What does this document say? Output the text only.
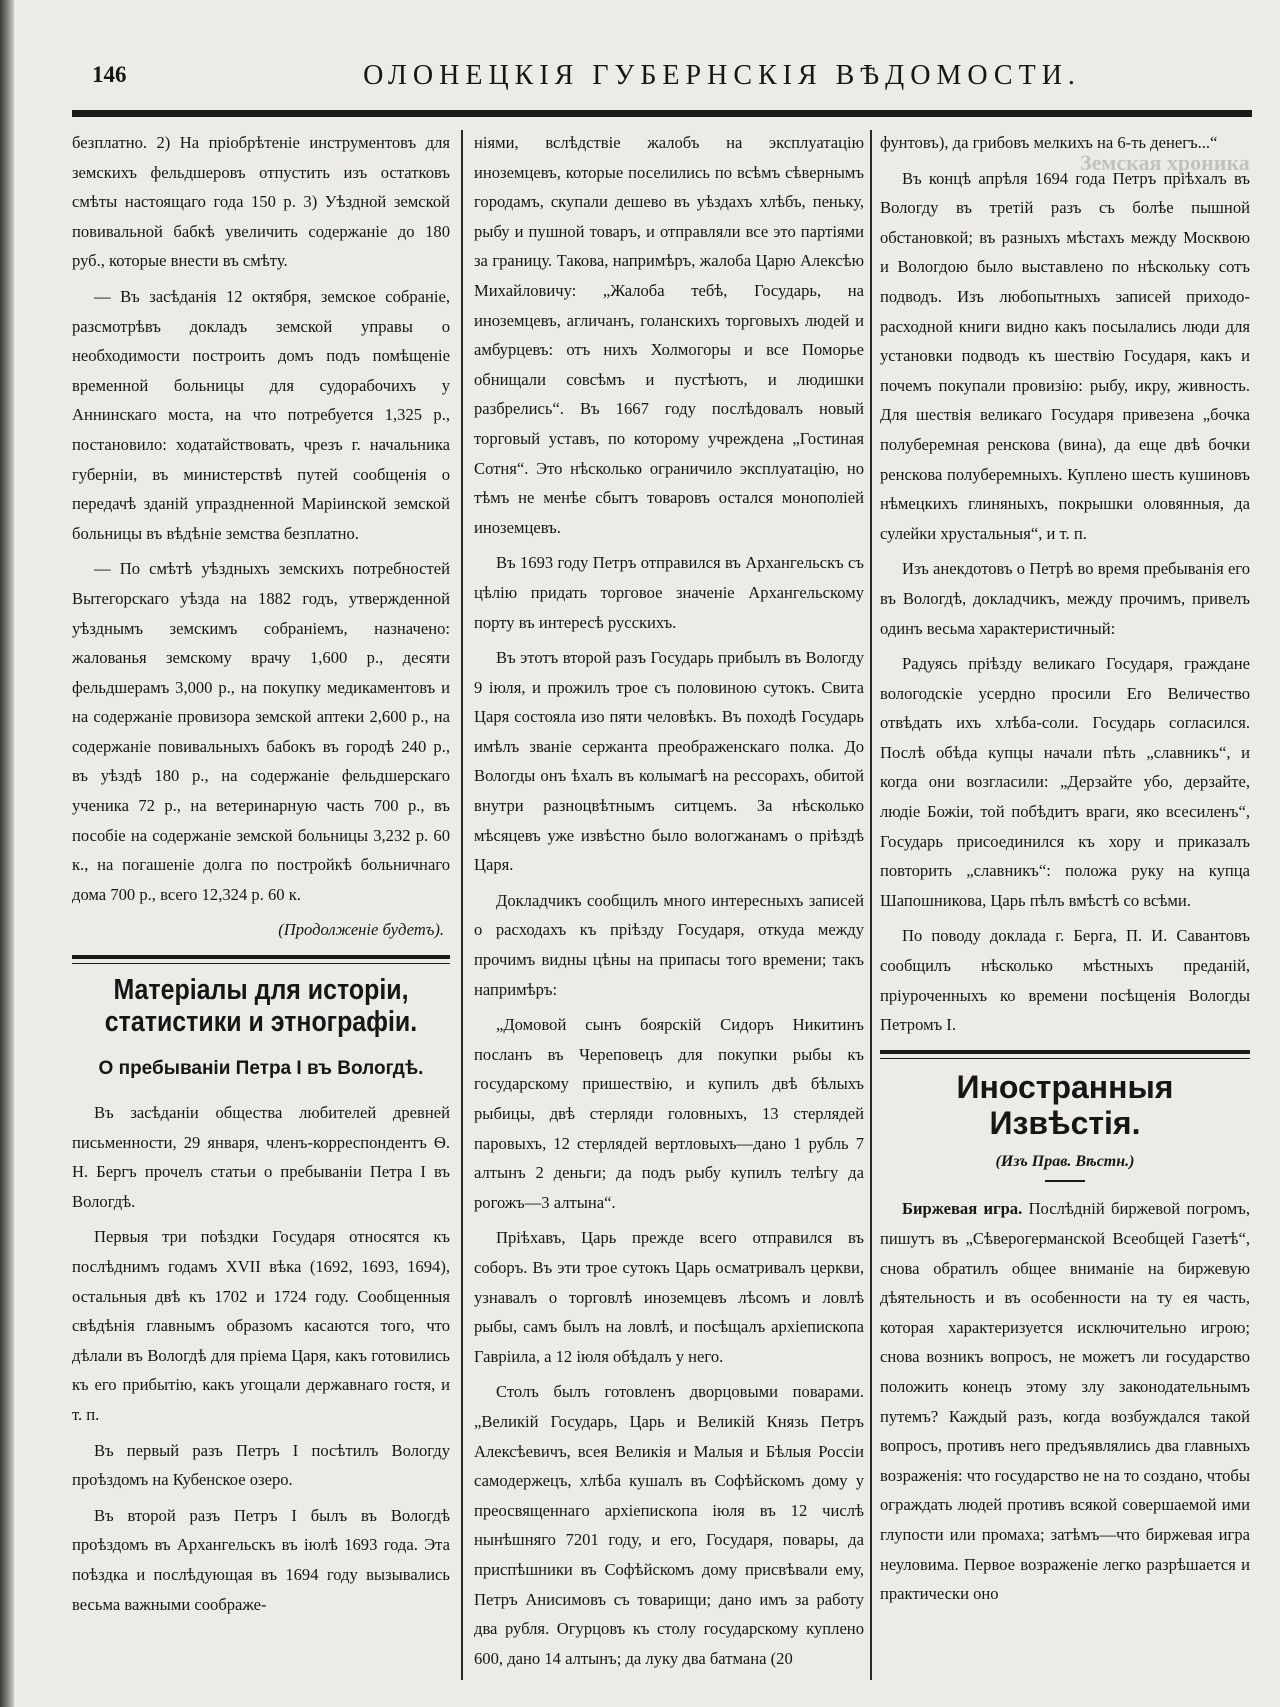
146	ОЛОНЕЦКІЯ ГУБЕРНСКІЯ ВѢДОМОСТИ.
Земская хроника

безплатно. 2) На пріобрѣтеніе инструментовъ для земскихъ фельдшеровъ отпустить изъ остатковъ смѣты настоящаго года 150 р. 3) Уѣздной земской повивальной бабкѣ увеличить содержаніе до 180 руб., которые внести въ смѣту.

— Въ засѣданія 12 октября, земское собраніе, разсмотрѣвъ докладъ земской управы о необходимости построить домъ подъ помѣщеніе временной больницы для судорабочихъ у Аннинскаго моста, на что потребуется 1,325 р., постановило: ходатайствовать, чрезъ г. начальника губерніи, въ министерствѣ путей сообщенія о передачѣ зданій упраздненной Маріинской земской больницы въ вѣдѣніе земства безплатно.

— По смѣтѣ уѣздныхъ земскихъ потребностей Вытегорскаго уѣзда на 1882 годъ, утвержденной уѣзднымъ земскимъ собраніемъ, назначено: жалованья земскому врачу 1,600 р., десяти фельдшерамъ 3,000 р., на покупку медикаментовъ и на содержаніе провизора земской аптеки 2,600 р., на содержаніе повивальныхъ бабокъ въ городѣ 240 р., въ уѣздѣ 180 р., на содержаніе фельдшерскаго ученика 72 р., на ветеринарную часть 700 р., въ пособіе на содержаніе земской больницы 3,232 р. 60 к., на погашеніе долга по постройкѣ больничнаго дома 700 р., всего 12,324 р. 60 к.

(Продолженіе будетъ).
Матеріалы для исторіи, статистики и этнографіи.
О пребываніи Петра I въ Вологдѣ.

Въ засѣданіи общества любителей древней письменности, 29 января, членъ-корреспондентъ Ѳ. Н. Бергъ прочелъ статьи о пребываніи Петра I въ Вологдѣ.

Первыя три поѣздки Государя относятся къ послѣднимъ годамъ XVII вѣка (1692, 1693, 1694), остальныя двѣ къ 1702 и 1724 году. Сообщенныя свѣдѣнія главнымъ образомъ касаются того, что дѣлали въ Вологдѣ для пріема Царя, какъ готовились къ его прибытію, какъ угощали державнаго гостя, и т. п.

Въ первый разъ Петръ I посѣтилъ Вологду проѣздомъ на Кубенское озеро.

Въ второй разъ Петръ I былъ въ Вологдѣ проѣздомъ въ Архангельскъ въ іюлѣ 1693 года. Эта поѣздка и послѣдующая въ 1694 году вызывались весьма важными соображе-

ніями, вслѣдствіе жалобъ на эксплуатацію иноземцевъ, которые поселились по всѣмъ сѣвернымъ городамъ, скупали дешево въ уѣздахъ хлѣбъ, пеньку, рыбу и пушной товаръ, и отправляли все это партіями за границу. Такова, напримѣръ, жалоба Царю Алексѣю Михайловичу: „Жалоба тебѣ, Государь, на иноземцевъ, агличанъ, голанскихъ торговыхъ людей и амбурцевъ: отъ нихъ Холмогоры и все Поморье обнищали совсѣмъ и пустѣютъ, и людишки разбрелись“. Въ 1667 году послѣдовалъ новый торговый уставъ, по которому учреждена „Гостиная Сотня“. Это нѣсколько ограничило эксплуатацію, но тѣмъ не менѣе сбытъ товаровъ остался монополіей иноземцевъ.

Въ 1693 году Петръ отправился въ Архангельскъ съ цѣлію придать торговое значеніе Архангельскому порту въ интересѣ русскихъ.

Въ этотъ второй разъ Государь прибылъ въ Вологду 9 іюля, и прожилъ трое съ половиною сутокъ. Свита Царя состояла изо пяти человѣкъ. Въ походѣ Государь имѣлъ званіе сержанта преображенскаго полка. До Вологды онъ ѣхалъ въ колымагѣ на рессорахъ, обитой внутри разноцвѣтнымъ ситцемъ. За нѣсколько мѣсяцевъ уже извѣстно было вологжанамъ о пріѣздѣ Царя.

Докладчикъ сообщилъ много интересныхъ записей о расходахъ къ пріѣзду Государя, откуда между прочимъ видны цѣны на припасы того времени; такъ напримѣръ:

„Домовой сынъ боярскій Сидоръ Никитинъ посланъ въ Череповецъ для покупки рыбы къ государскому пришествію, и купилъ двѣ бѣлыхъ рыбицы, двѣ стерляди головныхъ, 13 стерлядей паровыхъ, 12 стерлядей вертловыхъ—дано 1 рубль 7 алтынъ 2 деньги; да подъ рыбу купилъ телѣгу да рогожъ—3 алтына“.

Пріѣхавъ, Царь прежде всего отправился въ соборъ. Въ эти трое сутокъ Царь осматривалъ церкви, узнавалъ о торговлѣ иноземцевъ лѣсомъ и ловлѣ рыбы, самъ былъ на ловлѣ, и посѣщалъ архіепископа Гавріила, а 12 іюля обѣдалъ у него.

Столъ былъ готовленъ дворцовыми поварами. „Великій Государь, Царь и Великій Князь Петръ Алексѣевичъ, всея Великія и Малыя и Бѣлыя Россіи самодержецъ, хлѣба кушалъ въ Софѣйскомъ дому у преосвященнаго архіепископа іюля въ 12 числѣ нынѣшняго 7201 году, и его, Государя, повары, да приспѣшники въ Софѣйскомъ дому присвѣвали ему, Петръ Анисимовъ съ товарищи; дано имъ за работу два рубля. Огурцовъ къ столу государскому куплено 600, дано 14 алтынъ; да луку два батмана (20

фунтовъ), да грибовъ мелкихъ на 6-ть денегъ...“

Въ концѣ апрѣля 1694 года Петръ пріѣхалъ въ Вологду въ третій разъ съ болѣе пышной обстановкой; въ разныхъ мѣстахъ между Москвою и Вологдою было выставлено по нѣскольку сотъ подводъ. Изъ любопытныхъ записей приходо-расходной книги видно какъ посылались люди для установки подводъ къ шествію Государя, какъ и почемъ покупали провизію: рыбу, икру, живность. Для шествія великаго Государя привезена „бочка полуберемная ренскова (вина), да еще двѣ бочки ренскова полуберемныхъ. Куплено шесть кушиновъ нѣмецкихъ глиняныхъ, покрышки оловянныя, да сулейки хрустальныя“, и т. п.

Изъ анекдотовъ о Петрѣ во время пребыванія его въ Вологдѣ, докладчикъ, между прочимъ, привелъ одинъ весьма характеристичный:

Радуясь пріѣзду великаго Государя, граждане вологодскіе усердно просили Его Величество отвѣдать ихъ хлѣба-соли. Государь согласился. Послѣ обѣда купцы начали пѣть „славникъ“, и когда они возгласили: „Дерзайте убо, дерзайте, людіе Божіи, той побѣдитъ враги, яко всесиленъ“, Государь присоединился къ хору и приказалъ повторить „славникъ“: положа руку на купца Шапошникова, Царь пѣлъ вмѣстѣ со всѣми.

По поводу доклада г. Берга, П. И. Савантовъ сообщилъ нѣсколько мѣстныхъ преданій, пріуроченныхъ ко времени посѣщенія Вологды Петромъ I.

Иностранныя Извѣстія.
(Изъ Прав. Вѣстн.)

Биржевая игра. Послѣдній биржевой погромъ, пишутъ въ „Сѣверогерманской Всеобщей Газетѣ“, снова обратилъ общее вниманіе на биржевую дѣятельность и въ особенности на ту ея часть, которая характеризуется исключительно игрою; снова возникъ вопросъ, не можетъ ли государство положить конецъ этому злу законодательнымъ путемъ? Каждый разъ, когда возбуждался такой вопросъ, противъ него предъявлялись два главныхъ возраженія: что государство не на то создано, чтобы ограждать людей противъ всякой совершаемой ими глупости или промаха; затѣмъ—что биржевая игра неуловима. Первое возраженіе легко разрѣшается и практически оно
